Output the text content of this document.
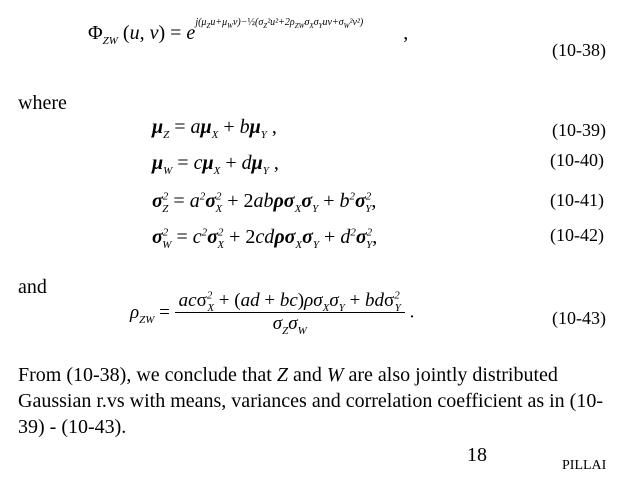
$\Phi_{ZW}$ (u, $v) = e^{j(\mu_Zu+\mu_Wv)-\frac{1}{2}(\sigma_Z^2u^2+2\rho_{ZW}\sigma_X\sigma_Yuv+\sigma_W^2v^2)}$ ,
(10-38)
where
$\mu_Z = a\mu_X + b\mu_Y$ ,	(10-39)
$\mu_W = c\mu_X + d\mu_Y$ ,	(10-40)
$\sigma^2_Z = a^2\sigma^2_X + 2ab\rho\sigma_X\sigma_Y + b^2\sigma^2_Y$,	(10-41)
$\sigma^2_W = c^2\sigma^2_X + 2cd\rho\sigma_X\sigma_Y + d^2\sigma^2_Y$,	(10-42)
and
$\rho_{ZW} = \frac{ac\sigma^2_X + (ad + bc)\rho\sigma_X\sigma_Y + bd\sigma^2_Y}{\sigma_Z\sigma_W}$ .	(10-43)
From (10-38), we conclude that Z and W are also jointly distributed Gaussian r.vs with means, variances and correlation coefficient as in (10-39) - (10-43).
18	PILLAI
